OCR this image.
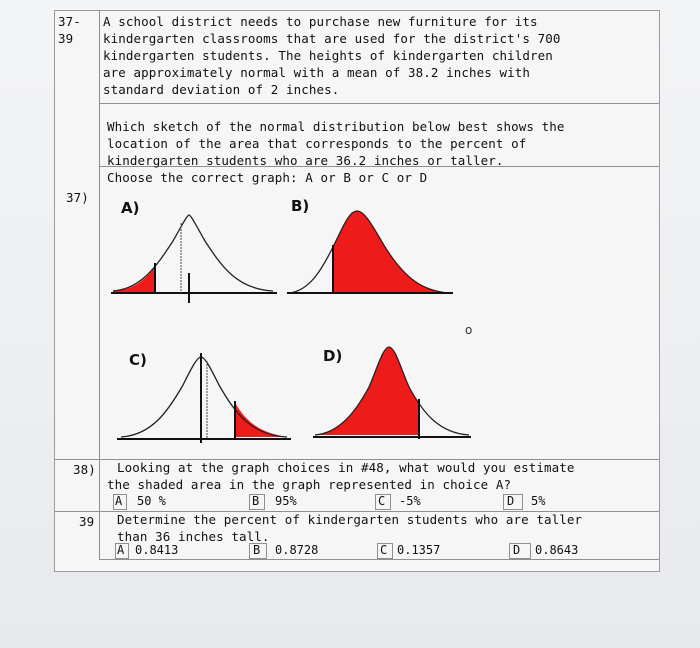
37-
39
A school district needs to purchase new furniture for its
kindergarten classrooms that are used for the district's 700
kindergarten students. The heights of kindergarten children
are approximately normal with a mean of 38.2 inches with
standard deviation of 2 inches.
Which sketch of the normal distribution below best shows the
location of the area that corresponds to the percent of
kindergarten students who are 36.2 inches or taller.
Choose the correct graph: A or B or C or D
37)
A)	B)
C)	D)
o
38) Looking at the graph choices in #48, what would you estimate
the shaded area in the graph represented in choice A?
A 50 %	B 95%	C -5%	D 5%
39 Determine the percent of kindergarten students who are taller
than 36 inches tall.
A 0.8413	B 0.8728	C 0.1357	D 0.8643
